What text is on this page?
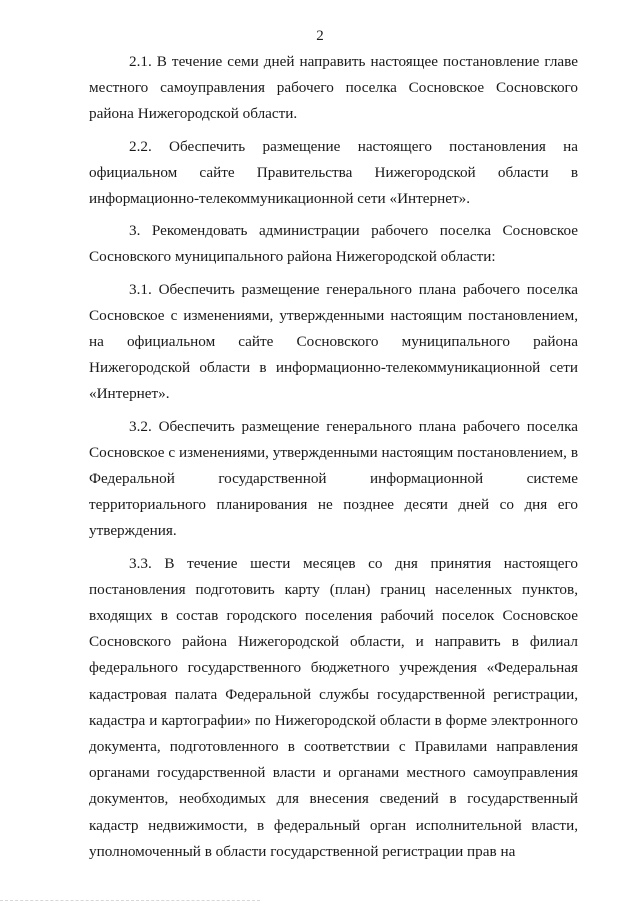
2

2.1. В течение семи дней направить настоящее постановление главе местного самоуправления рабочего поселка Сосновское Сосновского района Нижегородской области.

2.2. Обеспечить размещение настоящего постановления на официальном сайте Правительства Нижегородской области в информационно-телекоммуникационной сети «Интернет».

3. Рекомендовать администрации рабочего поселка Сосновское Сосновского муниципального района Нижегородской области:

3.1. Обеспечить размещение генерального плана рабочего поселка Сосновское с изменениями, утвержденными настоящим постановлением, на официальном сайте Сосновского муниципального района Нижегородской области в информационно-телекоммуникационной сети «Интернет».

3.2. Обеспечить размещение генерального плана рабочего поселка Сосновское с изменениями, утвержденными настоящим постановлением, в Федеральной государственной информационной системе территориального планирования не позднее десяти дней со дня его утверждения.

3.3. В течение шести месяцев со дня принятия настоящего постановления подготовить карту (план) границ населенных пунктов, входящих в состав городского поселения рабочий поселок Сосновское Сосновского района Нижегородской области, и направить в филиал федерального государственного бюджетного учреждения «Федеральная кадастровая палата Федеральной службы государственной регистрации, кадастра и картографии» по Нижегородской области в форме электронного документа, подготовленного в соответствии с Правилами направления органами государственной власти и органами местного самоуправления документов, необходимых для внесения сведений в государственный кадастр недвижимости, в федеральный орган исполнительной власти, уполномоченный в области государственной регистрации прав на
